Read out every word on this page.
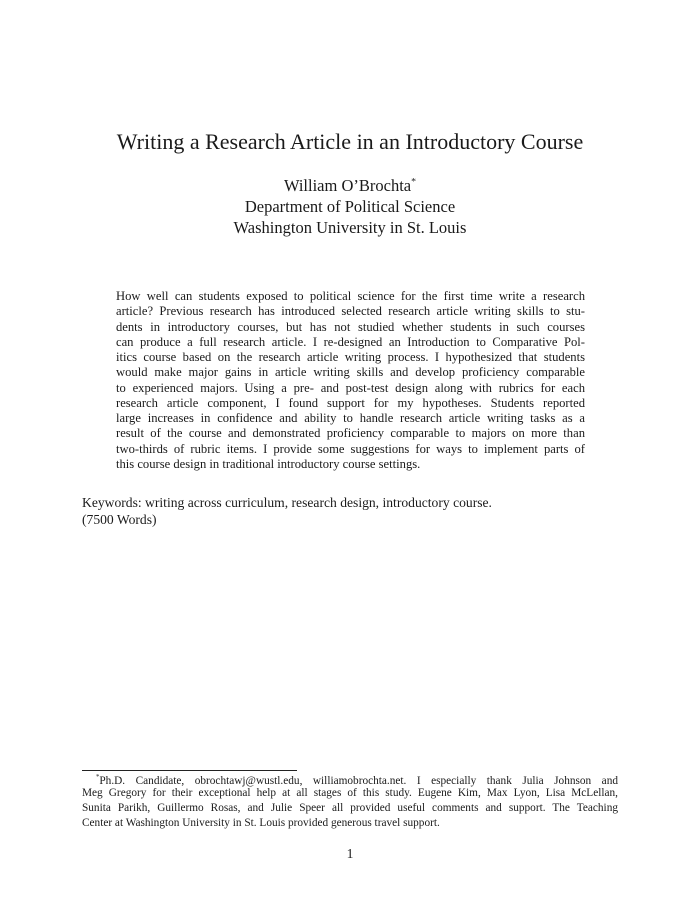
Writing a Research Article in an Introductory Course
William O’Brochta*
Department of Political Science
Washington University in St. Louis
How well can students exposed to political science for the first time write a research
article? Previous research has introduced selected research article writing skills to stu-
dents in introductory courses, but has not studied whether students in such courses
can produce a full research article. I re-designed an Introduction to Comparative Pol-
itics course based on the research article writing process. I hypothesized that students
would make major gains in article writing skills and develop proficiency comparable
to experienced majors. Using a pre- and post-test design along with rubrics for each
research article component, I found support for my hypotheses. Students reported
large increases in confidence and ability to handle research article writing tasks as a
result of the course and demonstrated proficiency comparable to majors on more than
two-thirds of rubric items. I provide some suggestions for ways to implement parts of
this course design in traditional introductory course settings.
Keywords: writing across curriculum, research design, introductory course.
(7500 Words)
*Ph.D. Candidate, obrochtawj@wustl.edu, williamobrochta.net. I especially thank Julia Johnson and
Meg Gregory for their exceptional help at all stages of this study. Eugene Kim, Max Lyon, Lisa McLellan,
Sunita Parikh, Guillermo Rosas, and Julie Speer all provided useful comments and support. The Teaching
Center at Washington University in St. Louis provided generous travel support.
1
